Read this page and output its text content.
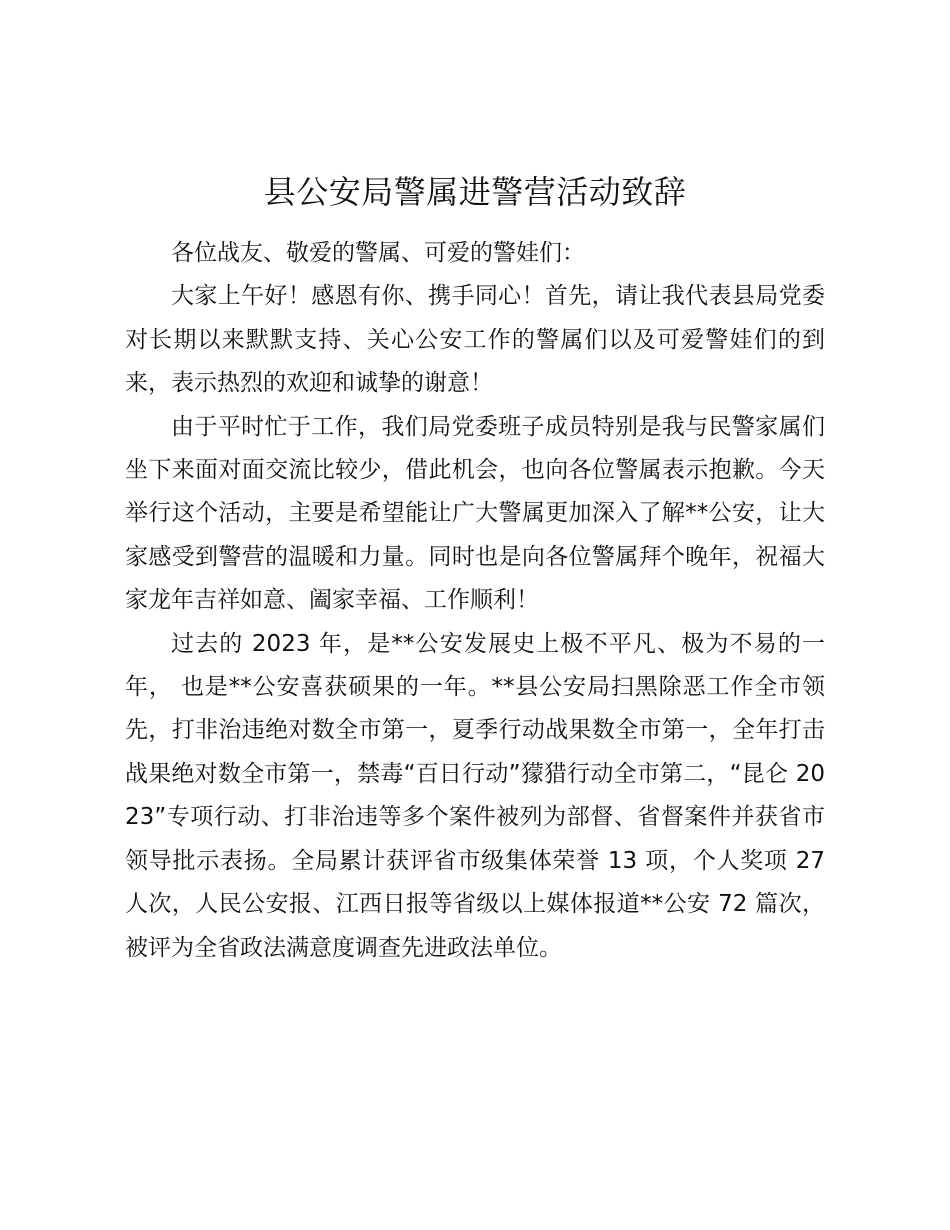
县公安局警属进警营活动致辞

各位战友、敬爱的警属、可爱的警娃们：

大家上午好！感恩有你、携手同心！首先，请让我代表县局党委对长期以来默默支持、关心公安工作的警属们以及可爱警娃们的到来，表示热烈的欢迎和诚挚的谢意！

由于平时忙于工作，我们局党委班子成员特别是我与民警家属们坐下来面对面交流比较少，借此机会，也向各位警属表示抱歉。今天举行这个活动，主要是希望能让广大警属更加深入了解**公安，让大家感受到警营的温暖和力量。同时也是向各位警属拜个晚年，祝福大家龙年吉祥如意、阖家幸福、工作顺利！

过去的 2023 年，是**公安发展史上极不平凡、极为不易的一年， 也是**公安喜获硕果的一年。**县公安局扫黑除恶工作全市领先，打非治违绝对数全市第一，夏季行动战果数全市第一，全年打击战果绝对数全市第一，禁毒“百日行动”獴猎行动全市第二，“昆仑 2023”专项行动、打非治违等多个案件被列为部督、省督案件并获省市领导批示表扬。全局累计获评省市级集体荣誉 13 项，个人奖项 27 人次，人民公安报、江西日报等省级以上媒体报道**公安 72 篇次，被评为全省政法满意度调查先进政法单位。
